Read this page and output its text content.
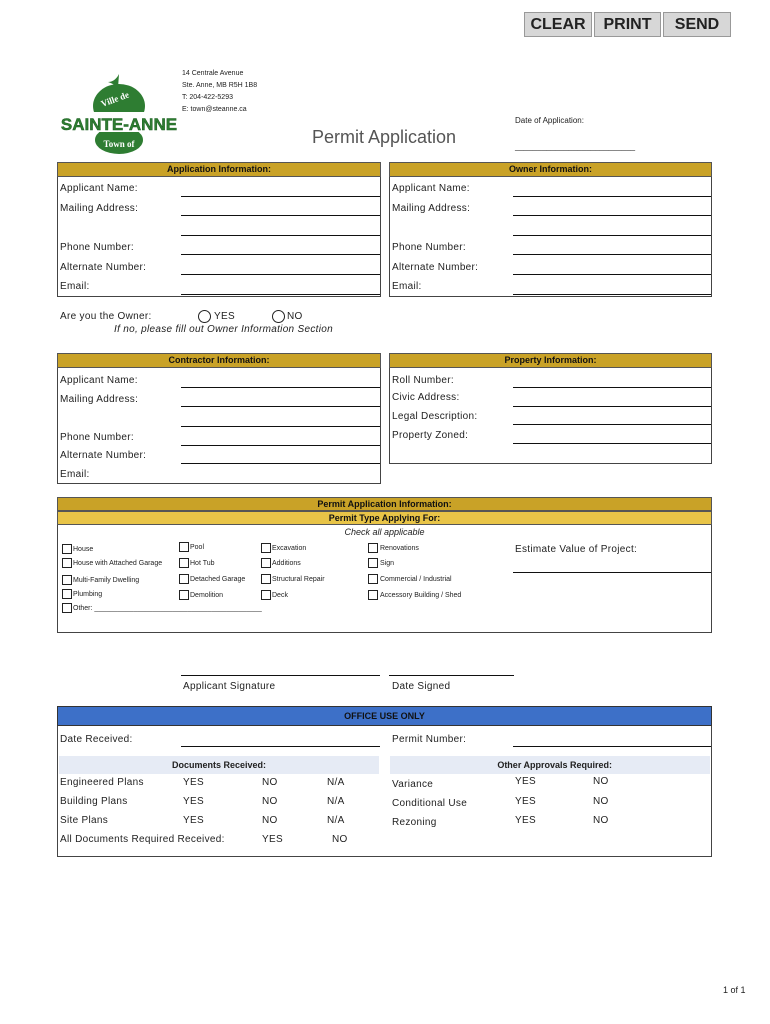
CLEAR	PRINT	SEND
SAINTE-ANNE
Ville de
Town of
14 Centrale Avenue
Ste. Anne, MB R5H 1B8
T: 204-422-5293
E: town@steanne.ca
Permit Application
Date of Application:
___________________________
Application Information:
Applicant Name:
Mailing Address:
Phone Number:
Alternate Number:
Email:
Are you the Owner:	YES	NO
If no, please fill out Owner Information Section
Owner Information:
Applicant Name:
Mailing Address:
Phone Number:
Alternate Number:
Email:
Contractor Information:
Applicant Name:
Mailing Address:
Phone Number:
Alternate Number:
Email:
Property Information:
Roll Number:
Civic Address:
Legal Description:
Property Zoned:
Permit Application Information:
Permit Type Applying For:
Check all applicable
Estimate Value of Project:
House
House with Attached Garage
Multi-Family Dwelling
Plumbing
Pool
Hot Tub
Detached Garage
Demolition
Excavation
Additions
Structural Repair
Deck
Renovations
Sign
Commercial / Industrial
Accessory Building / Shed
Other: ___________________________________________
Applicant Signature	Date Signed
OFFICE USE ONLY
Date Received:	Permit Number:
Documents Received:	Other Approvals Required:
Engineered Plans	YES	NO	N/A
Building Plans	YES	NO	N/A
Site Plans	YES	NO	N/A
All Documents Required Received:	YES	NO
Variance	YES	NO
Conditional Use	YES	NO
Rezoning	YES	NO
1 of 1
